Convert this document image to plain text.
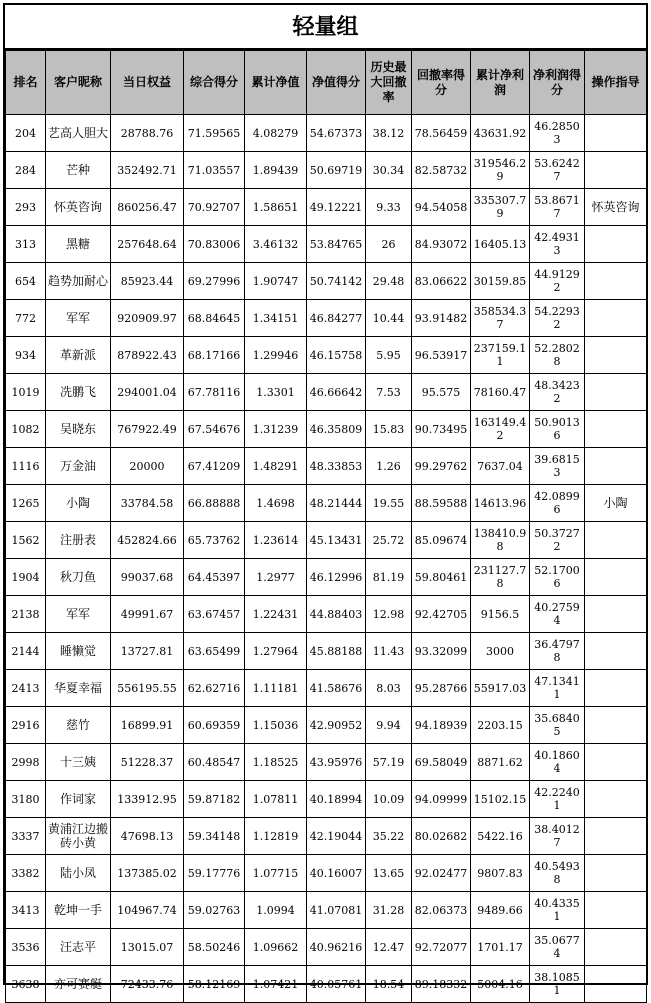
轻量组
排名	客户昵称	当日权益	综合得分	累计净值	净值得分	历史最大回撤率	回撤率得分	累计净利润	净利润得分	操作指导
204	艺高人胆大	28788.76	71.59565	4.08279	54.67373	38.12	78.56459	43631.92	46.28503	
284	芒种	352492.71	71.03557	1.89439	50.69719	30.34	82.58732	319546.29	53.62427	
293	怀英咨询	860256.47	70.92707	1.58651	49.12221	9.33	94.54058	335307.79	53.86717	怀英咨询
313	黑糖	257648.64	70.83006	3.46132	53.84765	26	84.93072	16405.13	42.49313	
654	趋势加耐心	85923.44	69.27996	1.90747	50.74142	29.48	83.06622	30159.85	44.91292	
772	军军	920909.97	68.84645	1.34151	46.84277	10.44	93.91482	358534.37	54.22932	
934	革新派	878922.43	68.17166	1.29946	46.15758	5.95	96.53917	237159.11	52.28028	
1019	冼鹏飞	294001.04	67.78116	1.3301	46.66642	7.53	95.575	78160.47	48.34232	
1082	吴晓东	767922.49	67.54676	1.31239	46.35809	15.83	90.73495	163149.42	50.90136	
1116	万金油	20000	67.41209	1.48291	48.33853	1.26	99.29762	7637.04	39.68153	
1265	小陶	33784.58	66.88888	1.4698	48.21444	19.55	88.59588	14613.96	42.08996	小陶
1562	注册表	452824.66	65.73762	1.23614	45.13431	25.72	85.09674	138410.98	50.37272	
1904	秋刀鱼	99037.68	64.45397	1.2977	46.12996	81.19	59.80461	231127.78	52.17006	
2138	军军	49991.67	63.67457	1.22431	44.88403	12.98	92.42705	9156.5	40.27594	
2144	睡懒觉	13727.81	63.65499	1.27964	45.88188	11.43	93.32099	3000	36.47978	
2413	华夏幸福	556195.55	62.62716	1.11181	41.58676	8.03	95.28766	55917.03	47.13411	
2916	慈竹	16899.91	60.69359	1.15036	42.90952	9.94	94.18939	2203.15	35.68405	
2998	十三姨	51228.37	60.48547	1.18525	43.95976	57.19	69.58049	8871.62	40.18604	
3180	作词家	133912.95	59.87182	1.07811	40.18994	10.09	94.09999	15102.15	42.22401	
3337	黄浦江边搬砖小黄	47698.13	59.34148	1.12819	42.19044	35.22	80.02682	5422.16	38.40127	
3382	陆小凤	137385.02	59.17776	1.07715	40.16007	13.65	92.02477	9807.83	40.54938	
3413	乾坤一手	104967.74	59.02763	1.0994	41.07081	31.28	82.06373	9489.66	40.43351	
3536	汪志平	13015.07	58.50246	1.09662	40.96216	12.47	92.72077	1701.17	35.06774	
3638	亦可赛艇	72433.76	58.12169	1.07421	40.05761	18.54	89.18332	5004.16	38.10851	
